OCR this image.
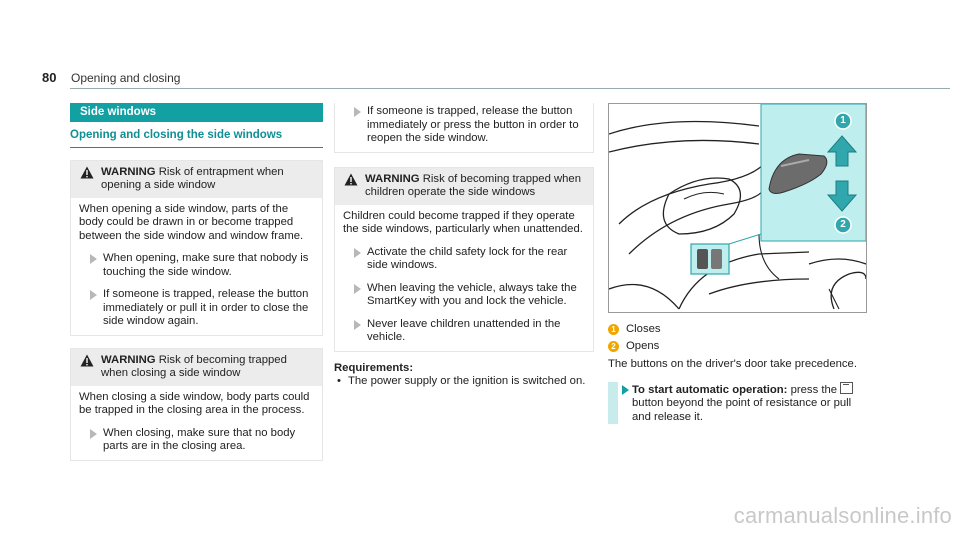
80 Opening and closing
Side windows
Opening and closing the side windows
WARNING Risk of entrapment when opening a side window
When opening a side window, parts of the body could be drawn in or become trapped between the side window and window frame.
When opening, make sure that nobody is touching the side window.
If someone is trapped, release the button immediately or pull it in order to close the side window again.
WARNING Risk of becoming trapped when closing a side window
When closing a side window, body parts could be trapped in the closing area in the process.
When closing, make sure that no body parts are in the closing area.
If someone is trapped, release the button immediately or press the button in order to reopen the side window.
WARNING Risk of becoming trapped when children operate the side windows
Children could become trapped if they operate the side windows, particularly when unattended.
Activate the child safety lock for the rear side windows.
When leaving the vehicle, always take the SmartKey with you and lock the vehicle.
Never leave children unattended in the vehicle.
Requirements:
• The power supply or the ignition is switched on.
1
2
1 Closes
2 Opens
The buttons on the driver's door take precedence.
To start automatic operation: press the  button beyond the point of resistance or pull and release it.
carmanualsonline.info
